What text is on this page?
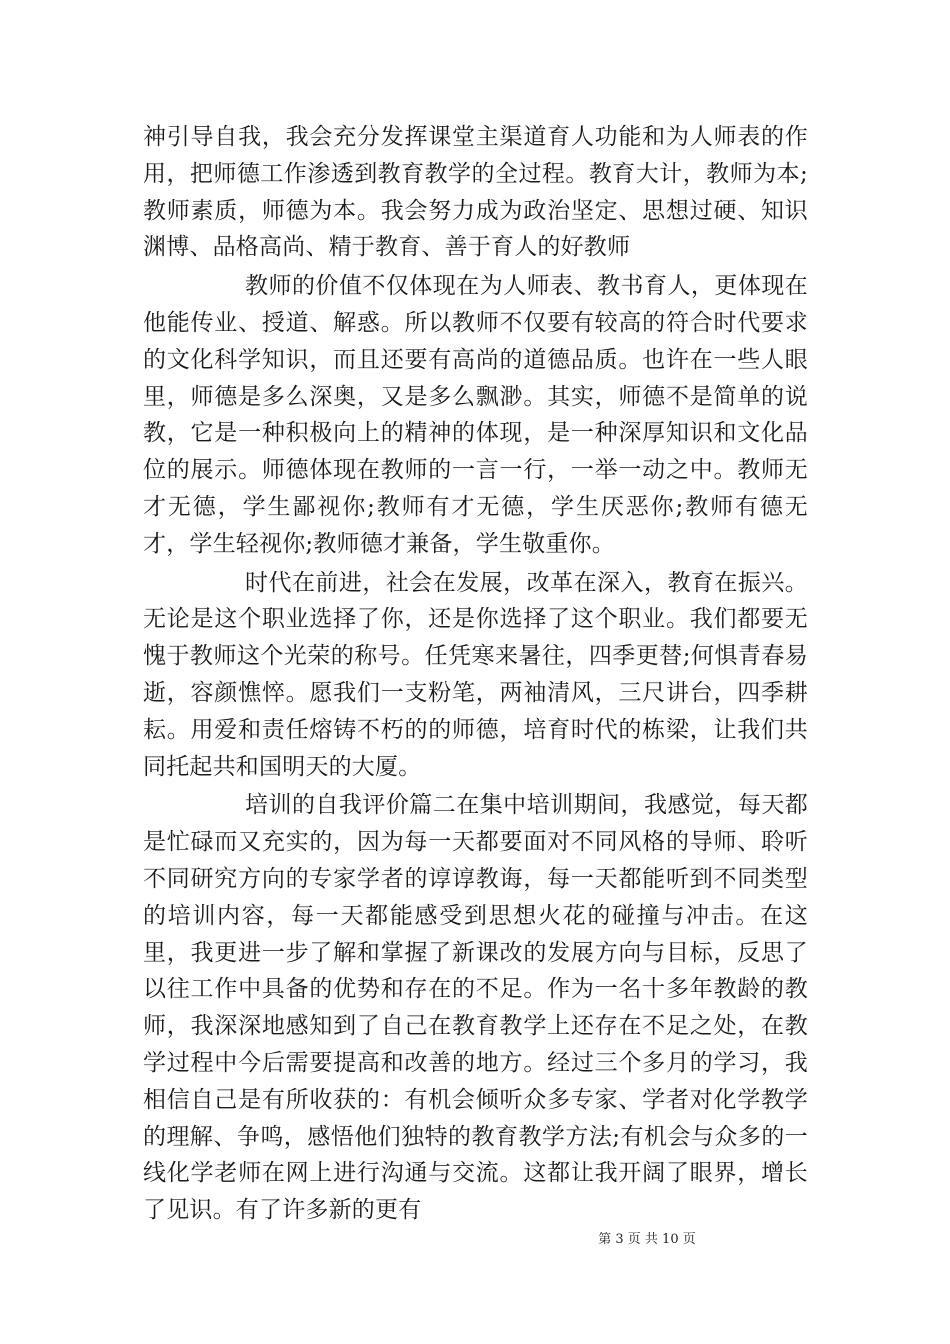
神引导自我，我会充分发挥课堂主渠道育人功能和为人师表的作用，把师德工作渗透到教育教学的全过程。教育大计，教师为本;教师素质，师德为本。我会努力成为政治坚定、思想过硬、知识渊博、品格高尚、精于教育、善于育人的好教师

教师的价值不仅体现在为人师表、教书育人，更体现在他能传业、授道、解惑。所以教师不仅要有较高的符合时代要求的文化科学知识，而且还要有高尚的道德品质。也许在一些人眼里，师德是多么深奥，又是多么飘渺。其实，师德不是简单的说教，它是一种积极向上的精神的体现，是一种深厚知识和文化品位的展示。师德体现在教师的一言一行，一举一动之中。教师无才无德，学生鄙视你;教师有才无德，学生厌恶你;教师有德无才，学生轻视你;教师德才兼备，学生敬重你。

时代在前进，社会在发展，改革在深入，教育在振兴。无论是这个职业选择了你，还是你选择了这个职业。我们都要无愧于教师这个光荣的称号。任凭寒来暑往，四季更替;何惧青春易逝，容颜憔悴。愿我们一支粉笔，两袖清风，三尺讲台，四季耕耘。用爱和责任熔铸不朽的的师德，培育时代的栋梁，让我们共同托起共和国明天的大厦。

培训的自我评价篇二在集中培训期间，我感觉，每天都是忙碌而又充实的，因为每一天都要面对不同风格的导师、聆听不同研究方向的专家学者的谆谆教诲，每一天都能听到不同类型的培训内容，每一天都能感受到思想火花的碰撞与冲击。在这里，我更进一步了解和掌握了新课改的发展方向与目标，反思了以往工作中具备的优势和存在的不足。作为一名十多年教龄的教师，我深深地感知到了自己在教育教学上还存在不足之处，在教学过程中今后需要提高和改善的地方。经过三个多月的学习，我相信自己是有所收获的：有机会倾听众多专家、学者对化学教学的理解、争鸣，感悟他们独特的教育教学方法;有机会与众多的一线化学老师在网上进行沟通与交流。这都让我开阔了眼界，增长了见识。有了许多新的更有

第 3 页 共 10 页
